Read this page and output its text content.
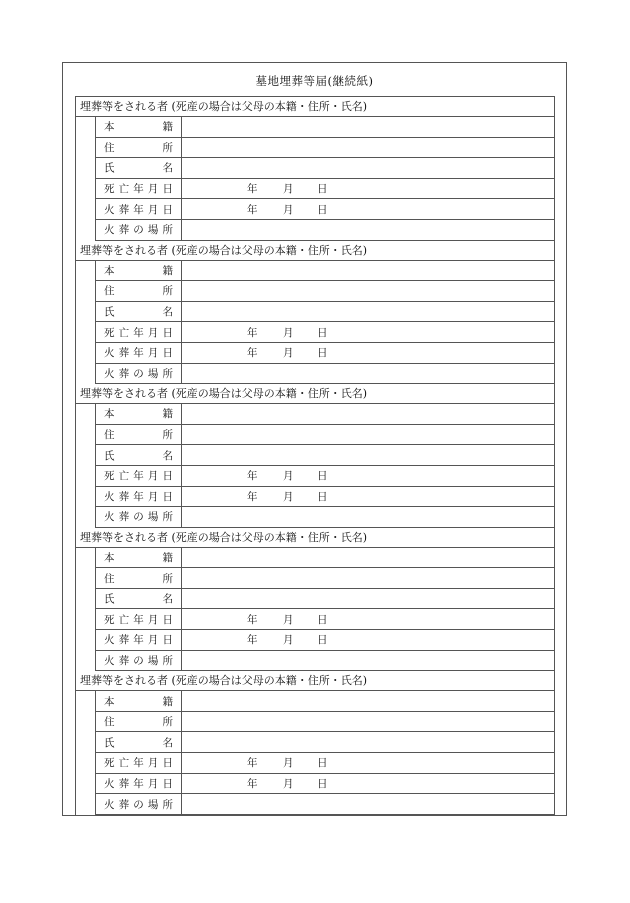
墓地埋葬等届(継続紙)
埋葬等をされる者 (死産の場合は父母の本籍・住所・氏名)
本	籍
住	所
氏	名
死 亡 年 月 日	年 月 日
火 葬 年 月 日	年 月 日
火 葬 の 場 所
埋葬等をされる者 (死産の場合は父母の本籍・住所・氏名)
本	籍
住	所
氏	名
死 亡 年 月 日	年 月 日
火 葬 年 月 日	年 月 日
火 葬 の 場 所
埋葬等をされる者 (死産の場合は父母の本籍・住所・氏名)
本	籍
住	所
氏	名
死 亡 年 月 日	年 月 日
火 葬 年 月 日	年 月 日
火 葬 の 場 所
埋葬等をされる者 (死産の場合は父母の本籍・住所・氏名)
本	籍
住	所
氏	名
死 亡 年 月 日	年 月 日
火 葬 年 月 日	年 月 日
火 葬 の 場 所
埋葬等をされる者 (死産の場合は父母の本籍・住所・氏名)
本	籍
住	所
氏	名
死 亡 年 月 日	年 月 日
火 葬 年 月 日	年 月 日
火 葬 の 場 所
